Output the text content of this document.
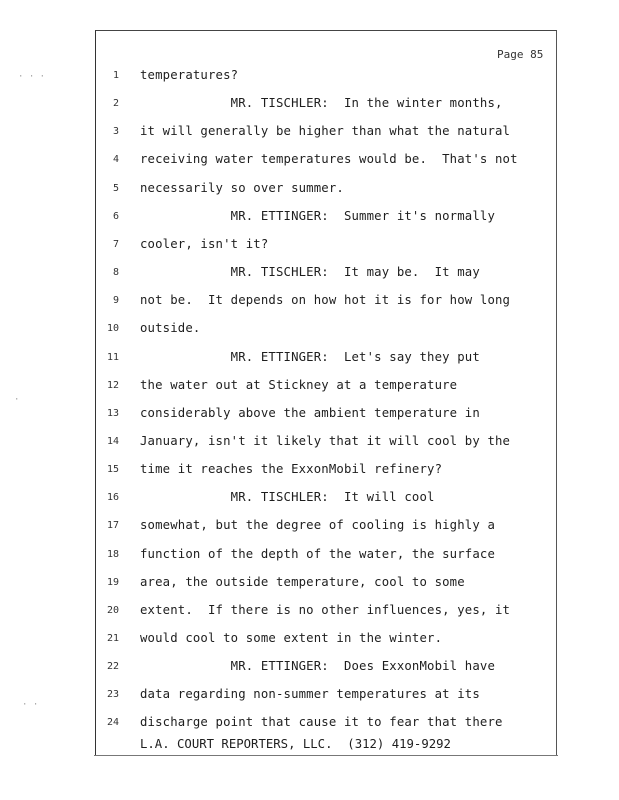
· · ·
·
· ·
Page 85
1 temperatures?
2 MR. TISCHLER:  In the winter months,
3 it will generally be higher than what the natural
4 receiving water temperatures would be.  That's not
5 necessarily so over summer.
6 MR. ETTINGER:  Summer it's normally
7 cooler, isn't it?
8 MR. TISCHLER:  It may be.  It may
9 not be.  It depends on how hot it is for how long
10 outside.
11 MR. ETTINGER:  Let's say they put
12 the water out at Stickney at a temperature
13 considerably above the ambient temperature in
14 January, isn't it likely that it will cool by the
15 time it reaches the ExxonMobil refinery?
16 MR. TISCHLER:  It will cool
17 somewhat, but the degree of cooling is highly a
18 function of the depth of the water, the surface
19 area, the outside temperature, cool to some
20 extent.  If there is no other influences, yes, it
21 would cool to some extent in the winter.
22 MR. ETTINGER:  Does ExxonMobil have
23 data regarding non-summer temperatures at its
24 discharge point that cause it to fear that there
L.A. COURT REPORTERS, LLC.  (312) 419-9292
